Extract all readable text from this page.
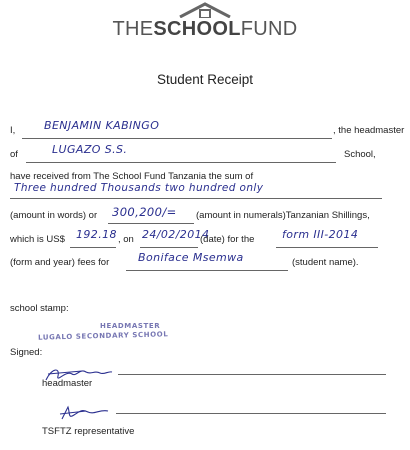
THESCHOOLFUND
Student Receipt
I,	BENJAMIN KABINGO	, the headmaster
of	LUGAZO S.S.	School,
have received from The School Fund Tanzania the sum of
Three hundred Thousands two hundred only
(amount in words) or 300,200/= (amount in numerals)Tanzanian Shillings,
which is US$ 192.18 , on 24/02/2014
(date) for the	form III-2014
(form and year) fees for	Boniface Msemwa	(student name).
school stamp:
HEADMASTER
LUGALO SECONDARY SCHOOL
Signed:
headmaster
TSFTZ representative
